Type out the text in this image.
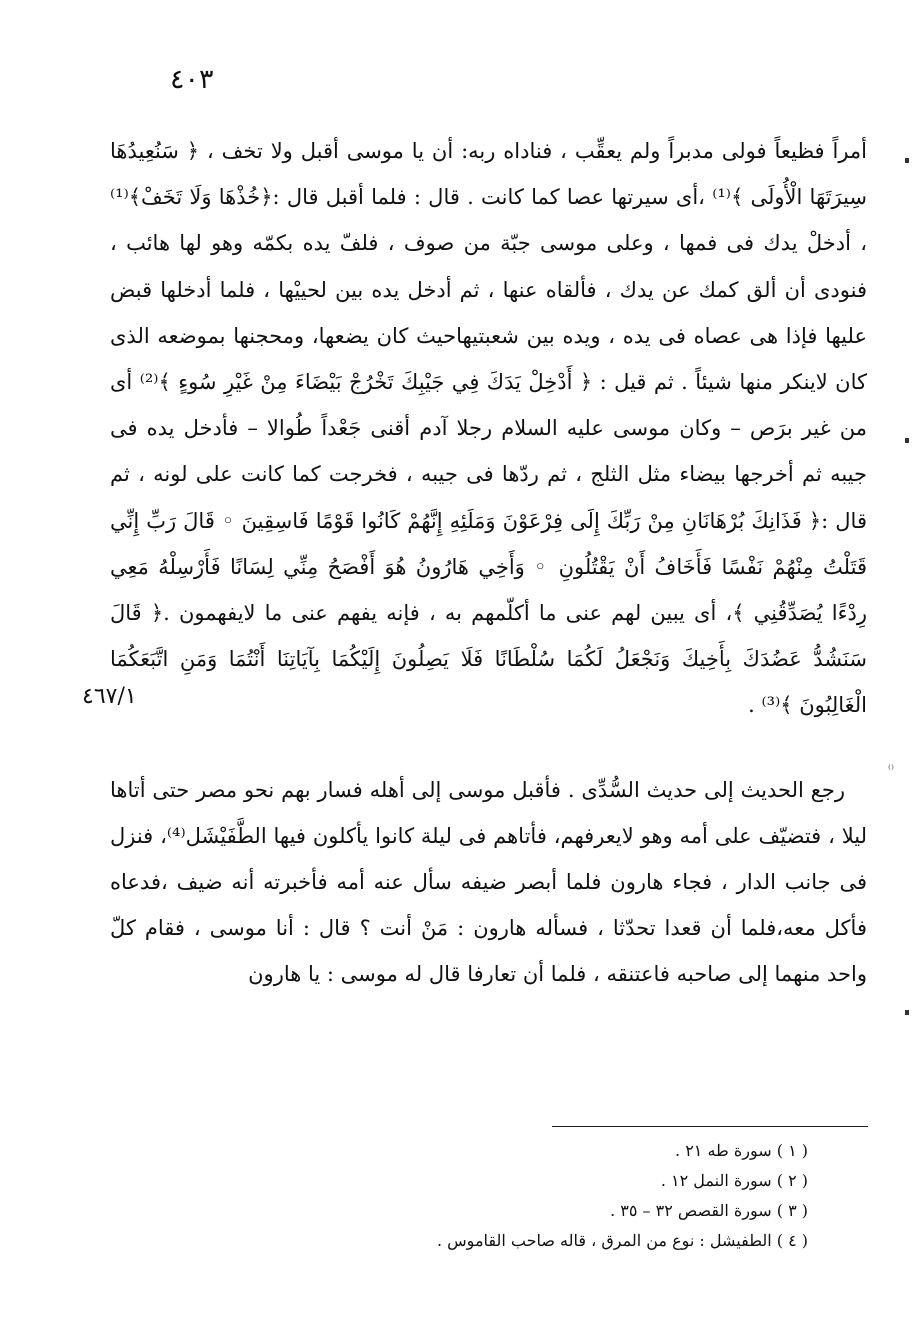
٤٠٣

أمراً فظيعاً فولى مدبراً ولم يعقِّب ، فناداه ربه: أن يا موسى أقبل ولا تخف ، ﴿ سَنُعِيدُهَا سِيرَتَهَا الْأُولَى ﴾⁽¹⁾ ،أى سيرتها عصا كما كانت . قال : فلما أقبل قال :﴿خُذْهَا وَلَا تَخَفْ﴾⁽¹⁾ ، أدخلْ يدك فى فمها ، وعلى موسى جبّة من صوف ، فلفّ يده بكمّه وهو لها هائب ، فنودى أن ألق كمك عن يدك ، فألقاه عنها ، ثم أدخل يده بين لحييْها ، فلما أدخلها قبض عليها فإذا هى عصاه فى يده ، ويده بين شعبتيهاحيث كان يضعها، ومحجنها بموضعه الذى كان لاينكر منها شيئاً . ثم قيل : ﴿ أَدْخِلْ يَدَكَ فِي جَيْبِكَ تَخْرُجْ بَيْضَاءَ مِنْ غَيْرِ سُوءٍ ﴾⁽²⁾ أى من غير برَص – وكان موسى عليه السلام رجلا آدم أقنى جَعْداً طُوالا – فأدخل يده فى جيبه ثم أخرجها بيضاء مثل الثلج ، ثم ردّها فى جيبه ، فخرجت كما كانت على لونه ، ثم قال :﴿ فَذَانِكَ بُرْهَانَانِ مِنْ رَبِّكَ إِلَى فِرْعَوْنَ وَمَلَئِهِ إِنَّهُمْ كَانُوا قَوْمًا فَاسِقِينَ ◦ قَالَ رَبِّ إِنِّي قَتَلْتُ مِنْهُمْ نَفْسًا فَأَخَافُ أَنْ يَقْتُلُونِ ◦ وَأَخِي هَارُونُ هُوَ أَفْصَحُ مِنِّي لِسَانًا فَأَرْسِلْهُ مَعِي رِدْءًا يُصَدِّقُنِي ﴾، أى يبين لهم عنى ما أكلّمهم به ، فإنه يفهم عنى ما لايفهمون .﴿ قَالَ سَنَشُدُّ عَضُدَكَ بِأَخِيكَ وَنَجْعَلُ لَكُمَا سُلْطَانًا فَلَا يَصِلُونَ إِلَيْكُمَا بِآيَاتِنَا أَنْتُمَا وَمَنِ اتَّبَعَكُمَا الْغَالِبُونَ ﴾⁽³⁾ .

رجع الحديث إلى حديث السُّدِّى . فأقبل موسى إلى أهله فسار بهم نحو مصر حتى أتاها ليلا ، فتضيّف على أمه وهو لايعرفهم، فأتاهم فى ليلة كانوا يأكلون فيها الطَّفَيْشَل⁽⁴⁾، فنزل فى جانب الدار ، فجاء هارون فلما أبصر ضيفه سأل عنه أمه فأخبرته أنه ضيف ،فدعاه فأكل معه،فلما أن قعدا تحدّثا ، فسأله هارون : مَنْ أنت ؟ قال : أنا موسى ، فقام كلّ واحد منهما إلى صاحبه فاعتنقه ، فلما أن تعارفا قال له موسى : يا هارون

٤٦٧/١
( ١ ) سورة طه ٢١ .
( ٢ ) سورة النمل ١٢ .
( ٣ ) سورة القصص ٣٢ – ٣٥ .
( ٤ ) الطفيشل : نوع من المرق ، قاله صاحب القاموس .
⁽⁾
